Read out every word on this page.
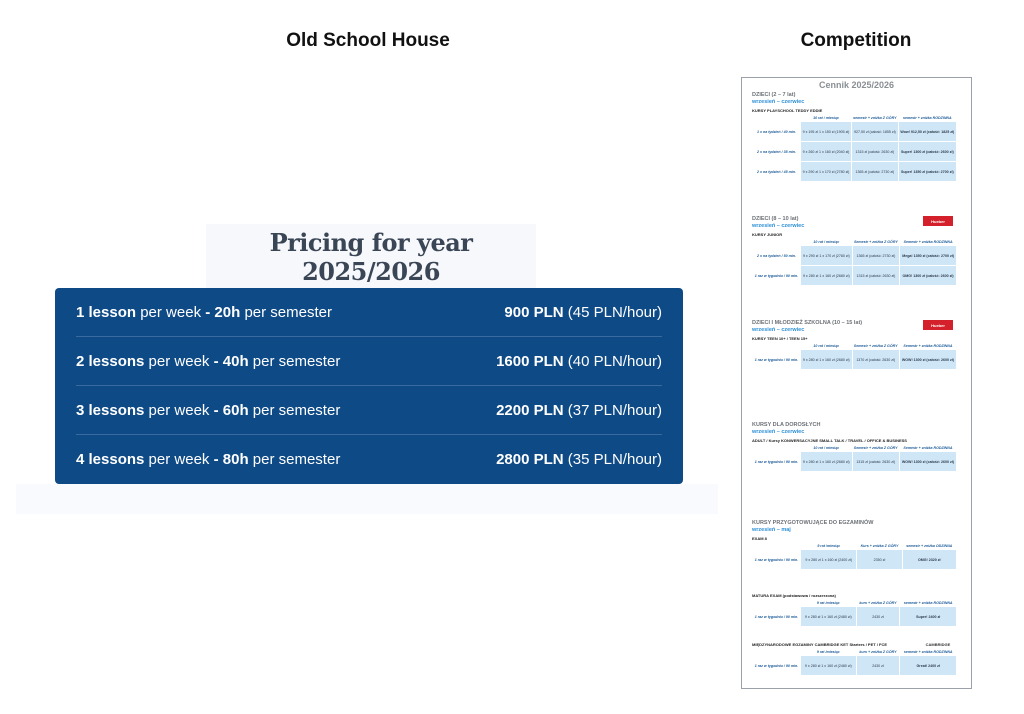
Old School House	Competition
Pricing for year 2025/2026
1 lesson per week - 20h per semester	900 PLN (45 PLN/hour)
2 lessons per week - 40h per semester	1600 PLN (40 PLN/hour)
3 lessons per week - 60h per semester	2200 PLN (37 PLN/hour)
4 lessons per week - 80h per semester	2800 PLN (35 PLN/hour)
Cennik 2025/2026
DZIECI (2 – 7 lat)
wrzesień – czerwiec
KURSY PLAYSCHOOL TEDDY EDDIE
	10 rat / miesiąc	semestr + zniżka Z GÓRY	semestr + zniżka RODZINNA
1 x na tydzień / 40 min.	9 x 195 zł 1 x 150 zł (1905 zł)	927,50 zł (całość: 1855 zł)	Wow! 912,50 zł (całość: 1825 zł)
2 x na tydzień / 35 min.	9 x 260 zł 1 x 160 zł (2040 zł)	1315 zł (całość: 2630 zł)	Super! 1300 zł (całość: 2600 zł)
2 x na tydzień / 45 min.	9 x 290 zł 1 x 170 zł (2780 zł)	1365 zł (całość: 2730 zł)	Super! 1350 zł (całość: 2700 zł)
DZIECI (8 – 10 lat)
wrzesień – czerwiec
KURSY JUNIOR
Hueber
	10 rat / miesiąc	Semestr + zniżka Z GÓRY	Semestr + zniżka RODZINNA
2 x na tydzień / 50 min.	9 x 290 zł 1 x 170 zł (2780 zł)	1365 zł (całość: 2730 zł)	Mega! 1350 zł (całość: 2700 zł)
1 raz w tygodniu / 90 min.	9 x 280 zł 1 x 160 zł (2680 zł)	1315 zł (całość: 2630 zł)	OMG! 1300 zł (całość: 2600 zł)
DZIECI I MŁODZIEŻ SZKOLNA (10 – 15 lat)
wrzesień – czerwiec
KURSY TEEN 10+ / TEEN 15+
Hueber
	10 rat / miesiąc	Semestr + zniżka Z GÓRY	Semestr + zniżka RODZINNA
1 raz w tygodniu / 90 min.	9 x 280 zł 1 x 160 zł (2680 zł)	1370 zł (całość: 2630 zł)	WOW! 1300 zł (całość: 2600 zł)
KURSY DLA DOROSŁYCH
wrzesień – czerwiec
ADULT / Kursy KONWERSACYJNE SMALL TALK / TRAVEL / OFFICE & BUSINESS
	10 rat / miesiąc	Semestr + zniżka Z GÓRY	Semestr + zniżka RODZINNA
1 raz w tygodniu / 90 min.	9 x 280 zł 1 x 160 zł (2680 zł)	1315 zł (całość: 2630 zł)	WOW! 1300 zł (całość: 2600 zł)
KURSY PRZYGOTOWUJĄCE DO EGZAMINÓW
wrzesień – maj
EXAM 8
	9 rat /miesiąc	Kurs + zniżka Z GÓRY	semestr + zniżka ODZINNA
1 raz w tygodniu / 90 min.	9 x 280 zł 1 x 160 zł (2400 zł)	2350 zł	OMG! 2320 zł
MATURA EXAM (podstawowa / rozszerzona)
	9 rat /miesiąc	kurs + zniżka Z GÓRY	semestr + zniżka RODZINNA
1 raz w tygodniu / 90 min.	9 x 280 zł 1 x 160 zł (2480 zł)	2430 zł	Super! 2400 zł
MIĘDZYNARODOWE EGZAMINY CAMBRIDGE KET Starters / PET / FCE	CAMBRIDGE
	9 rat /miesiąc	kurs + zniżka Z GÓRY	semestr + zniżka RODZINNA
1 raz w tygodniu / 90 min.	9 x 280 zł 1 x 160 zł (2480 zł)	2430 zł	Great! 2400 zł
